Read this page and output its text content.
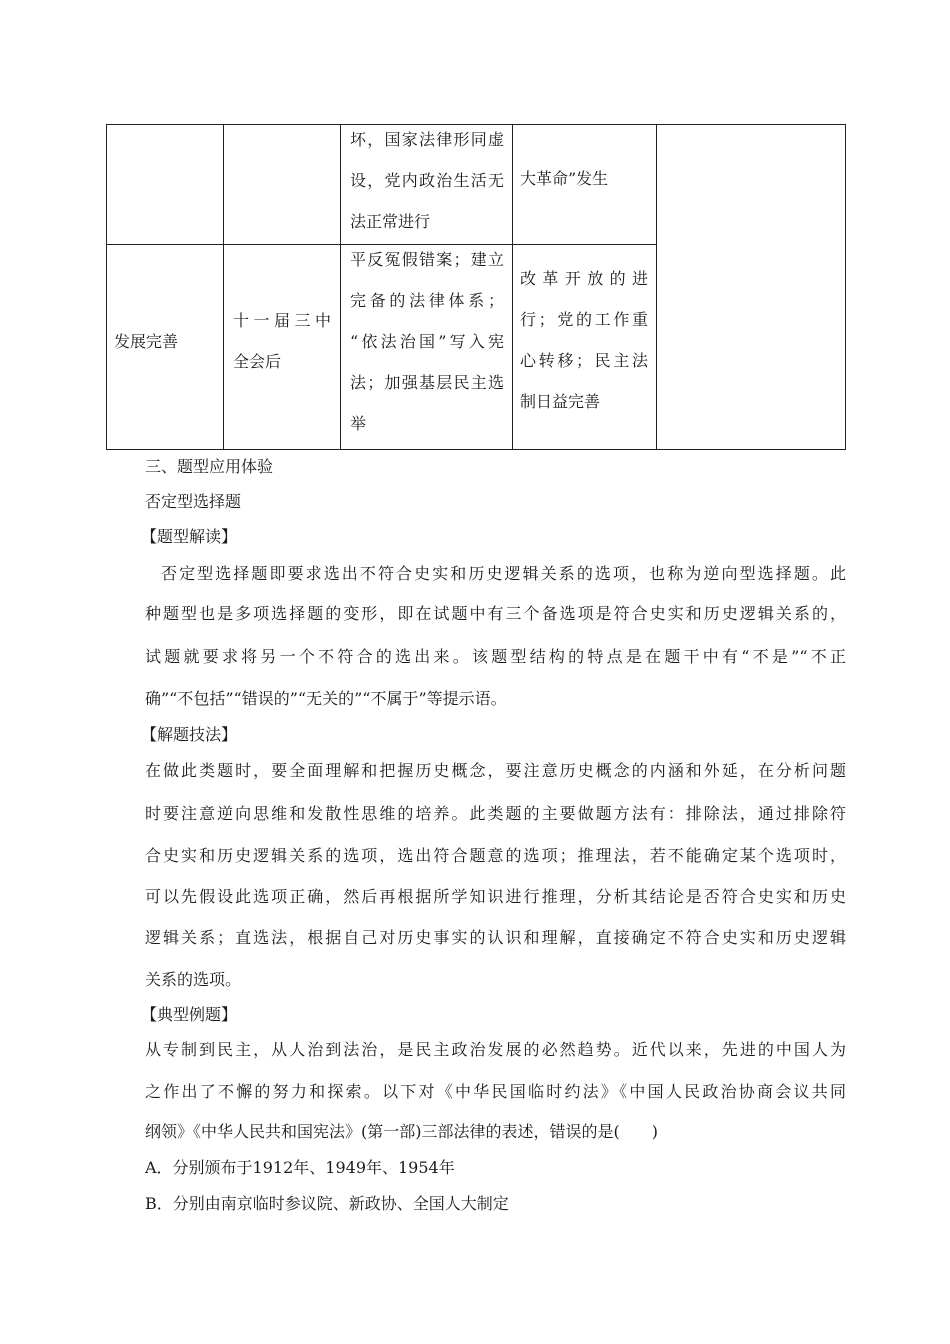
坏，国家法律形同虚
设，党内政治生活无
法正常进行
大革命”发生
发展完善
十一届三中
全会后
平反冤假错案；建立
完备的法律体系；
“依法治国”写入宪
法；加强基层民主选
举
改革开放的进
行；党的工作重
心转移；民主法
制日益完善
三、题型应用体验
否定型选择题
【题型解读】
否定型选择题即要求选出不符合史实和历史逻辑关系的选项，也称为逆向型选择题。此
种题型也是多项选择题的变形，即在试题中有三个备选项是符合史实和历史逻辑关系的，
试题就要求将另一个不符合的选出来。该题型结构的特点是在题干中有“不是”“不正
确”“不包括”“错误的”“无关的”“不属于”等提示语。
【解题技法】
在做此类题时，要全面理解和把握历史概念，要注意历史概念的内涵和外延，在分析问题
时要注意逆向思维和发散性思维的培养。此类题的主要做题方法有：排除法，通过排除符
合史实和历史逻辑关系的选项，选出符合题意的选项；推理法，若不能确定某个选项时，
可以先假设此选项正确，然后再根据所学知识进行推理，分析其结论是否符合史实和历史
逻辑关系；直选法，根据自己对历史事实的认识和理解，直接确定不符合史实和历史逻辑
关系的选项。
【典型例题】
从专制到民主，从人治到法治，是民主政治发展的必然趋势。近代以来，先进的中国人为
之作出了不懈的努力和探索。以下对《中华民国临时约法》《中国人民政治协商会议共同
纲领》《中华人民共和国宪法》(第一部)三部法律的表述，错误的是(　　)
A．分别颁布于1912年、1949年、1954年
B．分别由南京临时参议院、新政协、全国人大制定
